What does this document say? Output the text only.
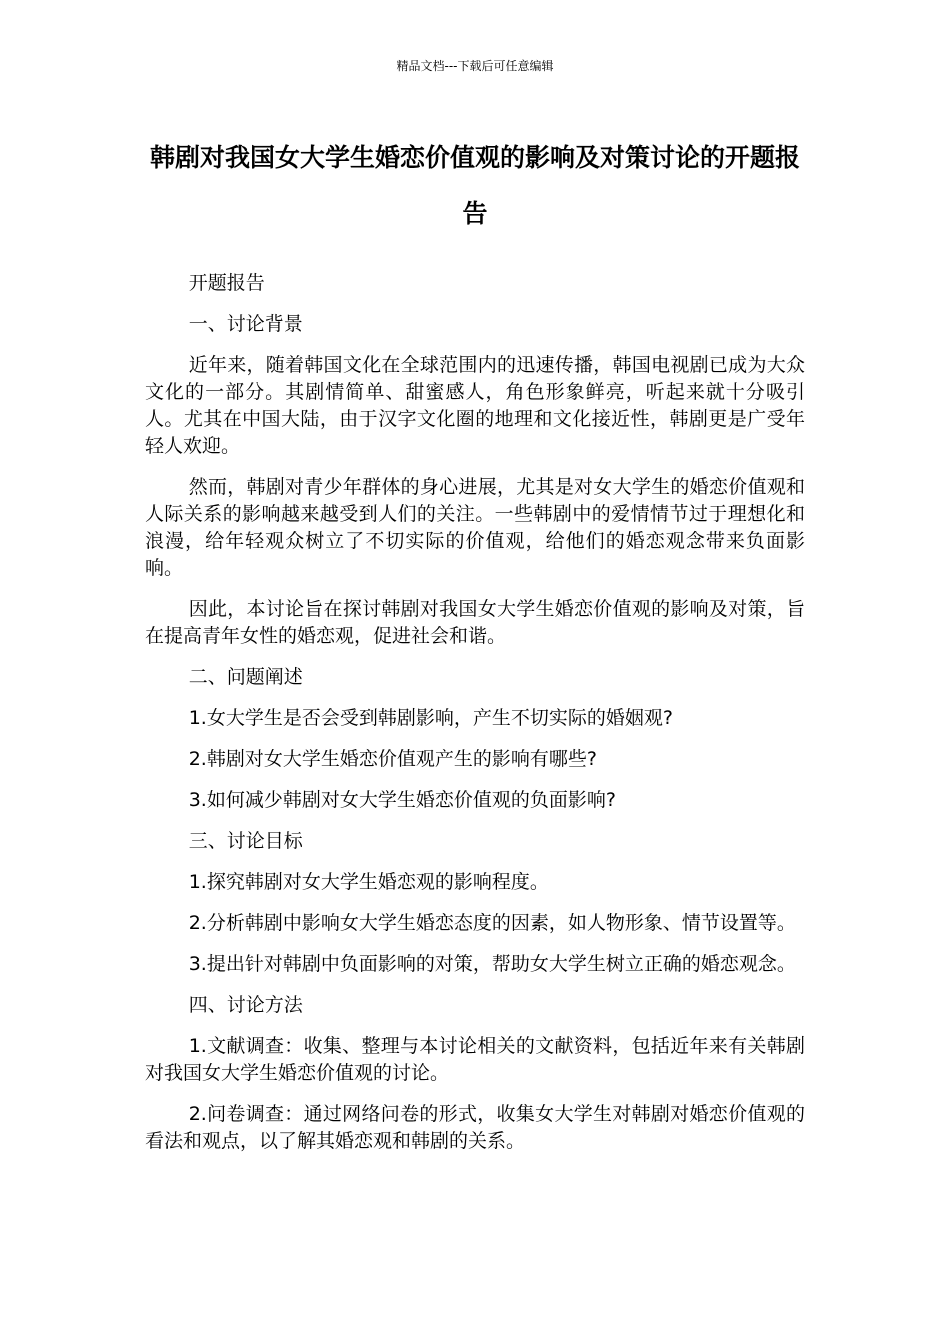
精品文档---下载后可任意编辑
韩剧对我国女大学生婚恋价值观的影响及对策讨论的开题报告

开题报告

一、讨论背景

近年来，随着韩国文化在全球范围内的迅速传播，韩国电视剧已成为大众文化的一部分。其剧情简单、甜蜜感人，角色形象鲜亮，听起来就十分吸引人。尤其在中国大陆，由于汉字文化圈的地理和文化接近性，韩剧更是广受年轻人欢迎。

然而，韩剧对青少年群体的身心进展，尤其是对女大学生的婚恋价值观和人际关系的影响越来越受到人们的关注。一些韩剧中的爱情情节过于理想化和浪漫，给年轻观众树立了不切实际的价值观，给他们的婚恋观念带来负面影响。

因此，本讨论旨在探讨韩剧对我国女大学生婚恋价值观的影响及对策，旨在提高青年女性的婚恋观，促进社会和谐。

二、问题阐述

1.女大学生是否会受到韩剧影响，产生不切实际的婚姻观?

2.韩剧对女大学生婚恋价值观产生的影响有哪些?

3.如何减少韩剧对女大学生婚恋价值观的负面影响?

三、讨论目标

1.探究韩剧对女大学生婚恋观的影响程度。

2.分析韩剧中影响女大学生婚恋态度的因素，如人物形象、情节设置等。

3.提出针对韩剧中负面影响的对策，帮助女大学生树立正确的婚恋观念。

四、讨论方法

1.文献调查：收集、整理与本讨论相关的文献资料，包括近年来有关韩剧对我国女大学生婚恋价值观的讨论。

2.问卷调查：通过网络问卷的形式，收集女大学生对韩剧对婚恋价值观的看法和观点，以了解其婚恋观和韩剧的关系。
